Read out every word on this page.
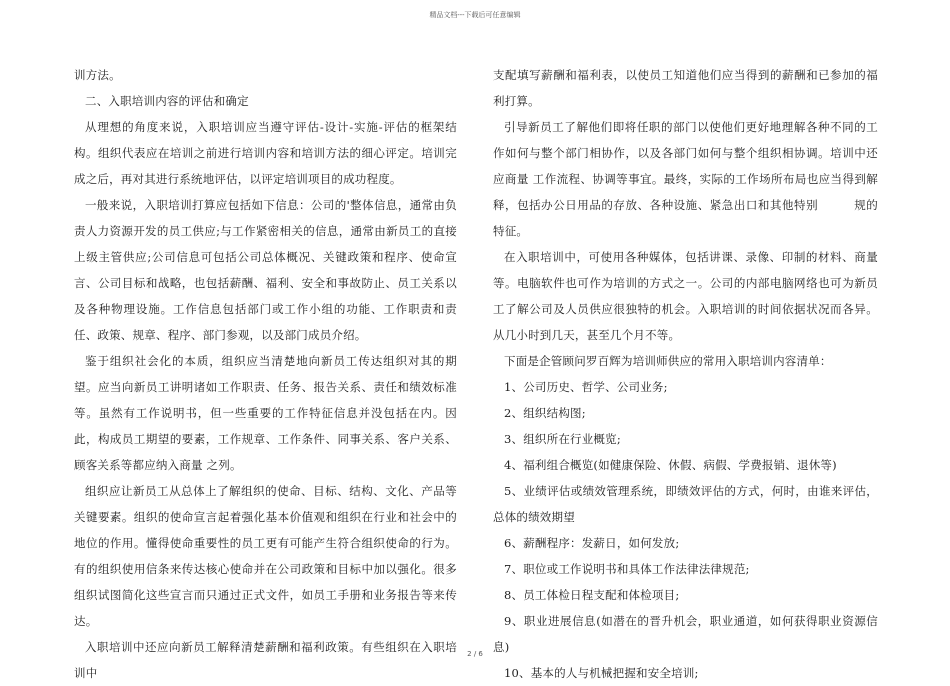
精品文档---下载后可任意编辑

训方法。

二、入职培训内容的评估和确定

从理想的角度来说，入职培训应当遵守评估-设计-实施-评估的框架结构。组织代表应在培训之前进行培训内容和培训方法的细心评定。培训完成之后，再对其进行系统地评估，以评定培训项目的成功程度。

一般来说，入职培训打算应包括如下信息：公司的'整体信息，通常由负责人力资源开发的员工供应;与工作紧密相关的信息，通常由新员工的直接上级主管供应;公司信息可包括公司总体概况、关键政策和程序、使命宣言、公司目标和战略，也包括薪酬、福利、安全和事故防止、员工关系以及各种物理设施。工作信息包括部门或工作小组的功能、工作职责和责任、政策、规章、程序、部门参观，以及部门成员介绍。

鉴于组织社会化的本质，组织应当清楚地向新员工传达组织对其的期望。应当向新员工讲明诸如工作职责、任务、报告关系、责任和绩效标准等。虽然有工作说明书，但一些重要的工作特征信息并没包括在内。因此，构成员工期望的要素，工作规章、工作条件、同事关系、客户关系、顾客关系等都应纳入商量 之列。

组织应让新员工从总体上了解组织的使命、目标、结构、文化、产品等关键要素。组织的使命宣言起着强化基本价值观和组织在行业和社会中的地位的作用。懂得使命重要性的员工更有可能产生符合组织使命的行为。有的组织使用信条来传达核心使命并在公司政策和目标中加以强化。很多组织试图简化这些宣言而只通过正式文件，如员工手册和业务报告等来传达。

入职培训中还应向新员工解释清楚薪酬和福利政策。有些组织在入职培训中

支配填写薪酬和福利表，以使员工知道他们应当得到的薪酬和已参加的福利打算。

引导新员工了解他们即将任职的部门以使他们更好地理解各种不同的工作如何与整个部门相协作，以及各部门如何与整个组织相协调。培训中还应商量 工作流程、协调等事宜。最终，实际的工作场所布局也应当得到解释，包括办公日用品的存放、各种设施、紧急出口和其他特别　　　规的特征。

在入职培训中，可使用各种媒体，包括讲课、录像、印制的材料、商量 等。电脑软件也可作为培训的方式之一。公司的内部电脑网络也可为新员工了解公司及人员供应很独特的机会。入职培训的时间依据状况而各异。从几小时到几天，甚至几个月不等。

下面是企管顾问罗百辉为培训师供应的常用入职培训内容清单：

1、公司历史、哲学、公司业务;

2、组织结构图;

3、组织所在行业概览;

4、福利组合概览(如健康保险、休假、病假、学费报销、退休等)

5、业绩评估或绩效管理系统，即绩效评估的方式，何时，由谁来评估，总体的绩效期望

6、薪酬程序：发薪日，如何发放;

7、职位或工作说明书和具体工作法律法律规范;

8、员工体检日程支配和体检项目;

9、职业进展信息(如潜在的晋升机会，职业通道，如何获得职业资源信息)

10、基本的人与机械把握和安全培训;

2 / 6
